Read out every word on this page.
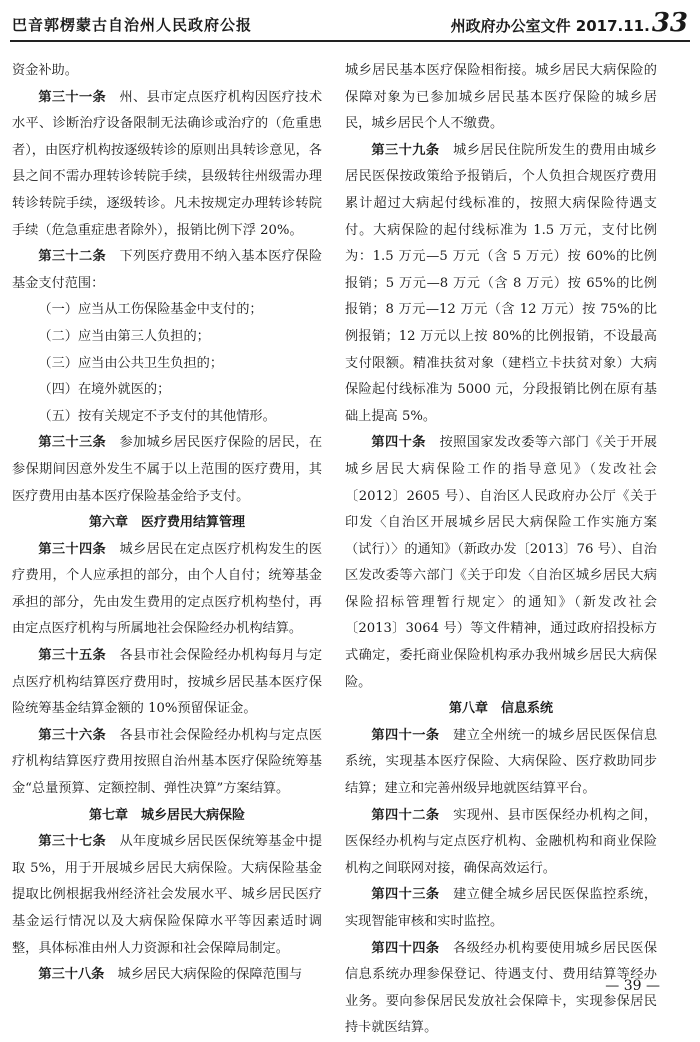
巴音郭楞蒙古自治州人民政府公报	州政府办公室文件 2017.11. 33

资金补助。

第三十一条　州、县市定点医疗机构因医疗技术水平、诊断治疗设备限制无法确诊或治疗的（危重患者），由医疗机构按逐级转诊的原则出具转诊意见，各县之间不需办理转诊转院手续，县级转往州级需办理转诊转院手续，逐级转诊。凡未按规定办理转诊转院手续（危急重症患者除外），报销比例下浮 20%。

第三十二条　下列医疗费用不纳入基本医疗保险基金支付范围：

（一）应当从工伤保险基金中支付的；

（二）应当由第三人负担的；

（三）应当由公共卫生负担的；

（四）在境外就医的；

（五）按有关规定不予支付的其他情形。

第三十三条　参加城乡居民医疗保险的居民，在参保期间因意外发生不属于以上范围的医疗费用，其医疗费用由基本医疗保险基金给予支付。

第六章　医疗费用结算管理

第三十四条　城乡居民在定点医疗机构发生的医疗费用，个人应承担的部分，由个人自付；统筹基金承担的部分，先由发生费用的定点医疗机构垫付，再由定点医疗机构与所属地社会保险经办机构结算。

第三十五条　各县市社会保险经办机构每月与定点医疗机构结算医疗费用时，按城乡居民基本医疗保险统筹基金结算金额的 10%预留保证金。

第三十六条　各县市社会保险经办机构与定点医疗机构结算医疗费用按照自治州基本医疗保险统筹基金“总量预算、定额控制、弹性决算”方案结算。

第七章　城乡居民大病保险

第三十七条　从年度城乡居民医保统筹基金中提取 5%，用于开展城乡居民大病保险。大病保险基金提取比例根据我州经济社会发展水平、城乡居民医疗基金运行情况以及大病保险保障水平等因素适时调整，具体标准由州人力资源和社会保障局制定。

第三十八条　城乡居民大病保险的保障范围与

城乡居民基本医疗保险相衔接。城乡居民大病保险的保障对象为已参加城乡居民基本医疗保险的城乡居民，城乡居民个人不缴费。

第三十九条　城乡居民住院所发生的费用由城乡居民医保按政策给予报销后，个人负担合规医疗费用累计超过大病起付线标准的，按照大病保险待遇支付。大病保险的起付线标准为 1.5 万元，支付比例为：1.5 万元—5 万元（含 5 万元）按 60%的比例报销；5 万元—8 万元（含 8 万元）按 65%的比例报销；8 万元—12 万元（含 12 万元）按 75%的比例报销；12 万元以上按 80%的比例报销，不设最高支付限额。精准扶贫对象（建档立卡扶贫对象）大病保险起付线标准为 5000 元，分段报销比例在原有基础上提高 5%。

第四十条　按照国家发改委等六部门《关于开展城乡居民大病保险工作的指导意见》（发改社会〔2012〕2605 号）、自治区人民政府办公厅《关于印发〈自治区开展城乡居民大病保险工作实施方案（试行）〉的通知》（新政办发〔2013〕76 号）、自治区发改委等六部门《关于印发〈自治区城乡居民大病保险招标管理暂行规定〉的通知》（新发改社会〔2013〕3064 号）等文件精神，通过政府招投标方式确定，委托商业保险机构承办我州城乡居民大病保险。

第八章　信息系统

第四十一条　建立全州统一的城乡居民医保信息系统，实现基本医疗保险、大病保险、医疗救助同步结算；建立和完善州级异地就医结算平台。

第四十二条　实现州、县市医保经办机构之间，医保经办机构与定点医疗机构、金融机构和商业保险机构之间联网对接，确保高效运行。

第四十三条　建立健全城乡居民医保监控系统，实现智能审核和实时监控。

第四十四条　各级经办机构要使用城乡居民医保信息系统办理参保登记、待遇支付、费用结算等经办业务。要向参保居民发放社会保障卡，实现参保居民持卡就医结算。

— 39 —
